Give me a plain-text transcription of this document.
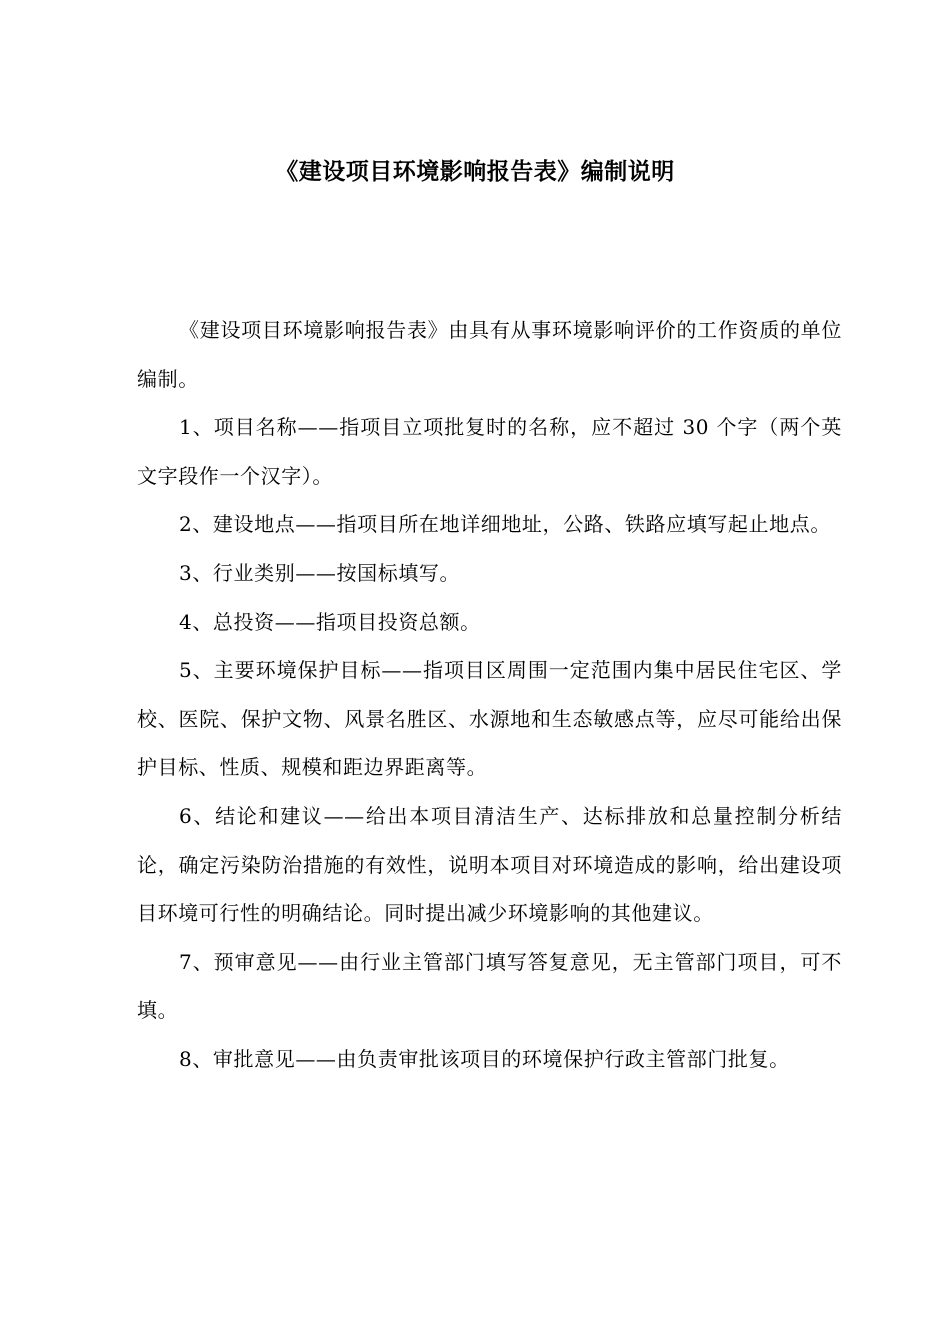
《建设项目环境影响报告表》编制说明

《建设项目环境影响报告表》由具有从事环境影响评价的工作资质的单位编制。

1、项目名称——指项目立项批复时的名称，应不超过 30 个字（两个英文字段作一个汉字）。

2、建设地点——指项目所在地详细地址，公路、铁路应填写起止地点。

3、行业类别——按国标填写。

4、总投资——指项目投资总额。

5、主要环境保护目标——指项目区周围一定范围内集中居民住宅区、学校、医院、保护文物、风景名胜区、水源地和生态敏感点等，应尽可能给出保护目标、性质、规模和距边界距离等。

6、结论和建议——给出本项目清洁生产、达标排放和总量控制分析结论，确定污染防治措施的有效性，说明本项目对环境造成的影响，给出建设项目环境可行性的明确结论。同时提出减少环境影响的其他建议。

7、预审意见——由行业主管部门填写答复意见，无主管部门项目，可不填。

8、审批意见——由负责审批该项目的环境保护行政主管部门批复。
